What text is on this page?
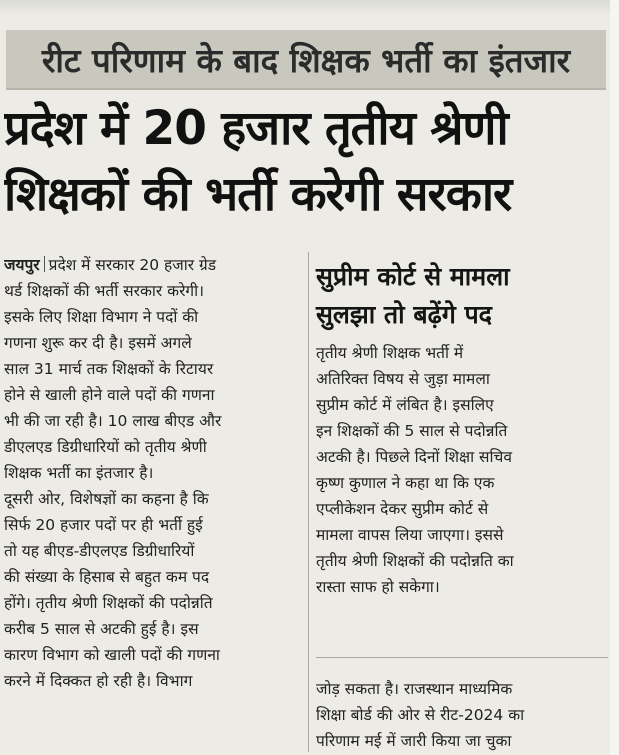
रीट परिणाम के बाद शिक्षक भर्ती का इंतजार
प्रदेश में 20 हजार तृतीय श्रेणी
शिक्षकों की भर्ती करेगी सरकार

जयपुर प्रदेश में सरकार 20 हजार ग्रेड

थर्ड शिक्षकों की भर्ती सरकार करेगी।

इसके लिए शिक्षा विभाग ने पदों की

गणना शुरू कर दी है। इसमें अगले

साल 31 मार्च तक शिक्षकों के रिटायर

होने से खाली होने वाले पदों की गणना

भी की जा रही है। 10 लाख बीएड और

डीएलएड डिग्रीधारियों को तृतीय श्रेणी

शिक्षक भर्ती का इंतजार है।

दूसरी ओर, विशेषज्ञों का कहना है कि

सिर्फ 20 हजार पदों पर ही भर्ती हुई

तो यह बीएड-डीएलएड डिग्रीधारियों

की संख्या के हिसाब से बहुत कम पद

होंगे। तृतीय श्रेणी शिक्षकों की पदोन्नति

करीब 5 साल से अटकी हुई है। इस

कारण विभाग को खाली पदों की गणना

करने में दिक्कत हो रही है। विभाग

सुप्रीम कोर्ट से मामला
सुलझा तो बढ़ेंगे पद

तृतीय श्रेणी शिक्षक भर्ती में

अतिरिक्त विषय से जुड़ा मामला

सुप्रीम कोर्ट में लंबित है। इसलिए

इन शिक्षकों की 5 साल से पदोन्नति

अटकी है। पिछले दिनों शिक्षा सचिव

कृष्ण कुणाल ने कहा था कि एक

एप्लीकेशन देकर सुप्रीम कोर्ट से

मामला वापस लिया जाएगा। इससे

तृतीय श्रेणी शिक्षकों की पदोन्नति का

रास्ता साफ हो सकेगा।

जोड़ सकता है। राजस्थान माध्यमिक

शिक्षा बोर्ड की ओर से रीट-2024 का

परिणाम मई में जारी किया जा चुका
